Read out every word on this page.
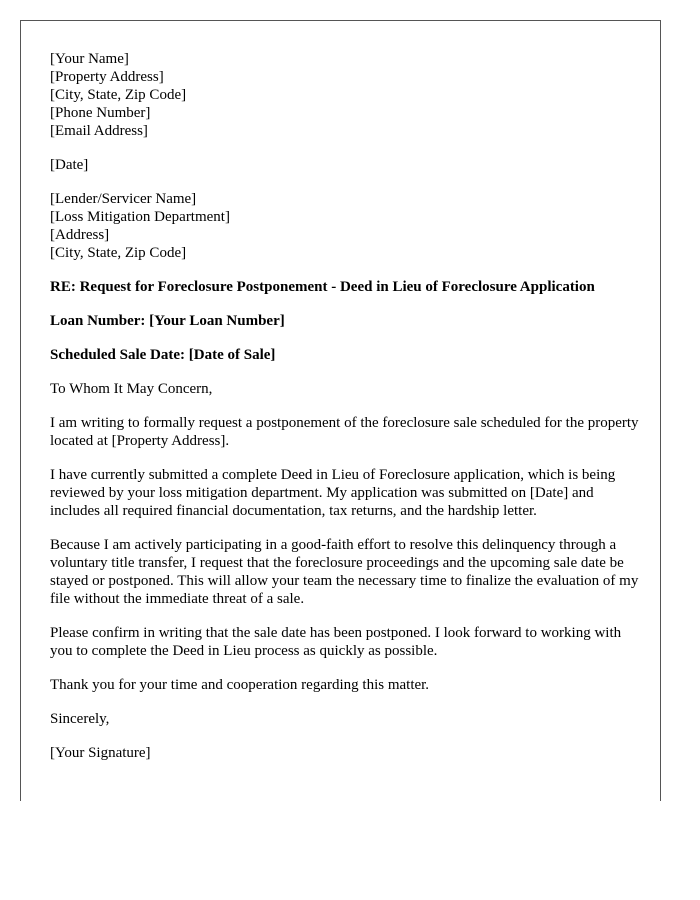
[Your Name]
[Property Address]
[City, State, Zip Code]
[Phone Number]
[Email Address]
[Date]
[Lender/Servicer Name]
[Loss Mitigation Department]
[Address]
[City, State, Zip Code]

RE: Request for Foreclosure Postponement - Deed in Lieu of Foreclosure Application

Loan Number: [Your Loan Number]

Scheduled Sale Date: [Date of Sale]

To Whom It May Concern,

I am writing to formally request a postponement of the foreclosure sale scheduled for the property located at [Property Address].

I have currently submitted a complete Deed in Lieu of Foreclosure application, which is being reviewed by your loss mitigation department. My application was submitted on [Date] and includes all required financial documentation, tax returns, and the hardship letter.

Because I am actively participating in a good-faith effort to resolve this delinquency through a voluntary title transfer, I request that the foreclosure proceedings and the upcoming sale date be stayed or postponed. This will allow your team the necessary time to finalize the evaluation of my file without the immediate threat of a sale.

Please confirm in writing that the sale date has been postponed. I look forward to working with you to complete the Deed in Lieu process as quickly as possible.

Thank you for your time and cooperation regarding this matter.

Sincerely,

[Your Signature]
